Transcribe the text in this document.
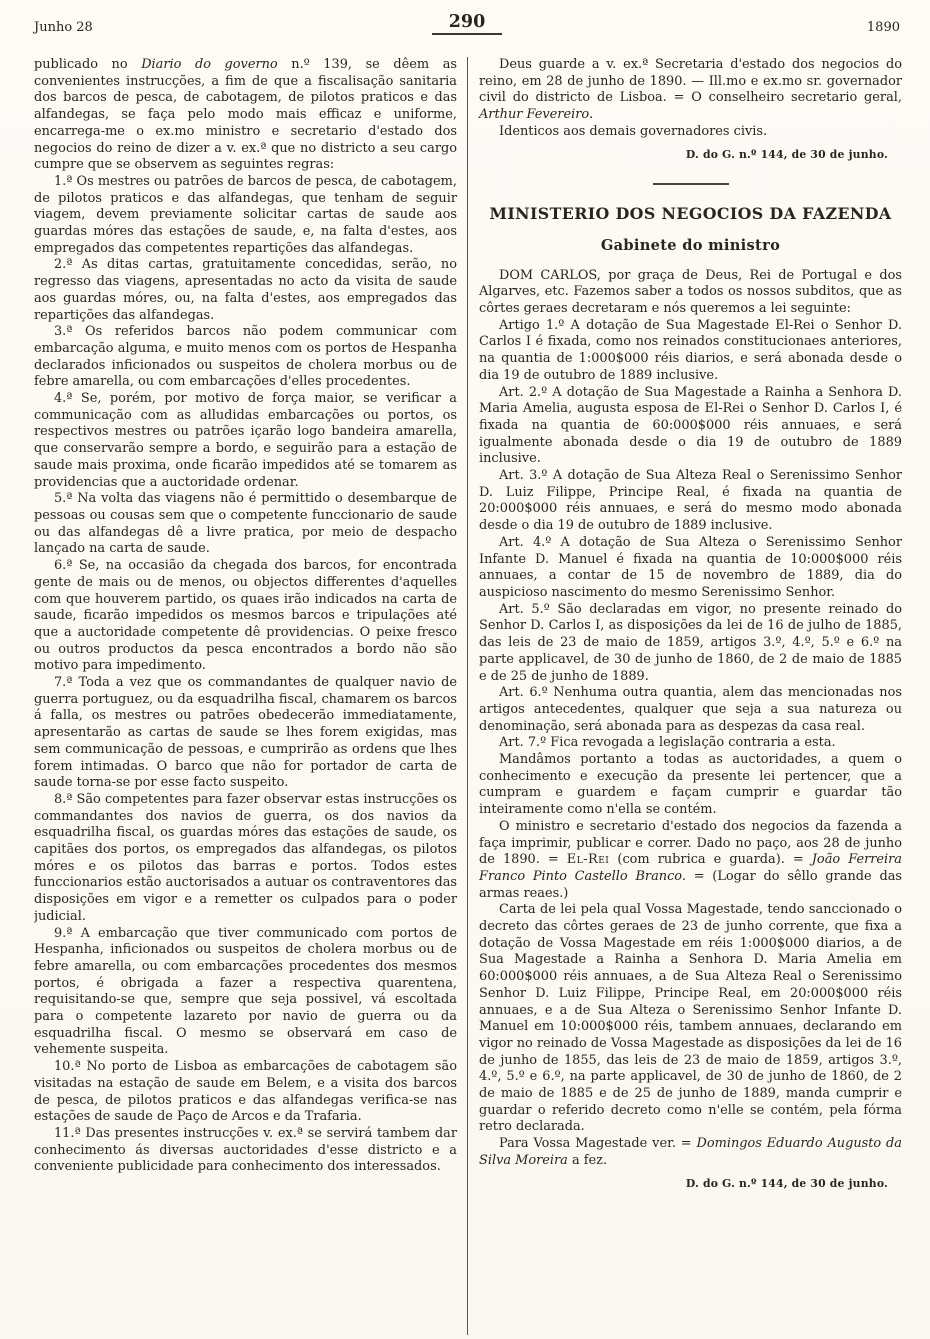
Junho 28	290	1890

publicado no Diario do governo n.º 139, se dêem as convenientes instrucções, a fim de que a fiscalisação sanitaria dos barcos de pesca, de cabotagem, de pilotos praticos e das alfandegas, se faça pelo modo mais efficaz e uniforme, encarrega-me o ex.mo ministro e secretario d'estado dos negocios do reino de dizer a v. ex.ª que no districto a seu cargo cumpre que se observem as seguintes regras:

1.ª Os mestres ou patrões de barcos de pesca, de cabotagem, de pilotos praticos e das alfandegas, que tenham de seguir viagem, devem previamente solicitar cartas de saude aos guardas móres das estações de saude, e, na falta d'estes, aos empregados das competentes repartições das alfandegas.

2.ª As ditas cartas, gratuitamente concedidas, serão, no regresso das viagens, apresentadas no acto da visita de saude aos guardas móres, ou, na falta d'estes, aos empregados das repartições das alfandegas.

3.ª Os referidos barcos não podem communicar com embarcação alguma, e muito menos com os portos de Hespanha declarados inficionados ou suspeitos de cholera morbus ou de febre amarella, ou com embarcações d'elles procedentes.

4.ª Se, porém, por motivo de força maior, se verificar a communicação com as alludidas embarcações ou portos, os respectivos mestres ou patrões içarão logo bandeira amarella, que conservarão sempre a bordo, e seguirão para a estação de saude mais proxima, onde ficarão impedidos até se tomarem as providencias que a auctoridade ordenar.

5.ª Na volta das viagens não é permittido o desembarque de pessoas ou cousas sem que o competente funccionario de saude ou das alfandegas dê a livre pratica, por meio de despacho lançado na carta de saude.

6.ª Se, na occasião da chegada dos barcos, for encontrada gente de mais ou de menos, ou objectos differentes d'aquelles com que houverem partido, os quaes irão indicados na carta de saude, ficarão impedidos os mesmos barcos e tripulações até que a auctoridade competente dê providencias. O peixe fresco ou outros productos da pesca encontrados a bordo não são motivo para impedimento.

7.ª Toda a vez que os commandantes de qualquer navio de guerra portuguez, ou da esquadrilha fiscal, chamarem os barcos á falla, os mestres ou patrões obedecerão immediatamente, apresentarão as cartas de saude se lhes forem exigidas, mas sem communicação de pessoas, e cumprirão as ordens que lhes forem intimadas. O barco que não for portador de carta de saude torna-se por esse facto suspeito.

8.ª São competentes para fazer observar estas instrucções os commandantes dos navios de guerra, os dos navios da esquadrilha fiscal, os guardas móres das estações de saude, os capitães dos portos, os empregados das alfandegas, os pilotos móres e os pilotos das barras e portos. Todos estes funccionarios estão auctorisados a autuar os contraventores das disposições em vigor e a remetter os culpados para o poder judicial.

9.ª A embarcação que tiver communicado com portos de Hespanha, inficionados ou suspeitos de cholera morbus ou de febre amarella, ou com embarcações procedentes dos mesmos portos, é obrigada a fazer a respectiva quarentena, requisitando-se que, sempre que seja possivel, vá escoltada para o competente lazareto por navio de guerra ou da esquadrilha fiscal. O mesmo se observará em caso de vehemente suspeita.

10.ª No porto de Lisboa as embarcações de cabotagem são visitadas na estação de saude em Belem, e a visita dos barcos de pesca, de pilotos praticos e das alfandegas verifica-se nas estações de saude de Paço de Arcos e da Trafaria.

11.ª Das presentes instrucções v. ex.ª se servirá tambem dar conhecimento ás diversas auctoridades d'esse districto e a conveniente publicidade para conhecimento dos interessados.

Deus guarde a v. ex.ª Secretaria d'estado dos negocios do reino, em 28 de junho de 1890. — Ill.mo e ex.mo sr. governador civil do districto de Lisboa. = O conselheiro secretario geral, Arthur Fevereiro.

Identicos aos demais governadores civis.

D. do G. n.º 144, de 30 de junho.
MINISTERIO DOS NEGOCIOS DA FAZENDA
Gabinete do ministro

DOM CARLOS, por graça de Deus, Rei de Portugal e dos Algarves, etc. Fazemos saber a todos os nossos subditos, que as côrtes geraes decretaram e nós queremos a lei seguinte:

Artigo 1.º A dotação de Sua Magestade El-Rei o Senhor D. Carlos I é fixada, como nos reinados constitucionaes anteriores, na quantia de 1:000$000 réis diarios, e será abonada desde o dia 19 de outubro de 1889 inclusive.

Art. 2.º A dotação de Sua Magestade a Rainha a Senhora D. Maria Amelia, augusta esposa de El-Rei o Senhor D. Carlos I, é fixada na quantia de 60:000$000 réis annuaes, e será igualmente abonada desde o dia 19 de outubro de 1889 inclusive.

Art. 3.º A dotação de Sua Alteza Real o Serenissimo Senhor D. Luiz Filippe, Principe Real, é fixada na quantia de 20:000$000 réis annuaes, e será do mesmo modo abonada desde o dia 19 de outubro de 1889 inclusive.

Art. 4.º A dotação de Sua Alteza o Serenissimo Senhor Infante D. Manuel é fixada na quantia de 10:000$000 réis annuaes, a contar de 15 de novembro de 1889, dia do auspicioso nascimento do mesmo Serenissimo Senhor.

Art. 5.º São declaradas em vigor, no presente reinado do Senhor D. Carlos I, as disposições da lei de 16 de julho de 1885, das leis de 23 de maio de 1859, artigos 3.º, 4.º, 5.º e 6.º na parte applicavel, de 30 de junho de 1860, de 2 de maio de 1885 e de 25 de junho de 1889.

Art. 6.º Nenhuma outra quantia, alem das mencionadas nos artigos antecedentes, qualquer que seja a sua natureza ou denominação, será abonada para as despezas da casa real.

Art. 7.º Fica revogada a legislação contraria a esta.

Mandâmos portanto a todas as auctoridades, a quem o conhecimento e execução da presente lei pertencer, que a cumpram e guardem e façam cumprir e guardar tão inteiramente como n'ella se contém.

O ministro e secretario d'estado dos negocios da fazenda a faça imprimir, publicar e correr. Dado no paço, aos 28 de junho de 1890. = El-Rei (com rubrica e guarda). = João Ferreira Franco Pinto Castello Branco. = (Logar do sêllo grande das armas reaes.)

Carta de lei pela qual Vossa Magestade, tendo sanccionado o decreto das côrtes geraes de 23 de junho corrente, que fixa a dotação de Vossa Magestade em réis 1:000$000 diarios, a de Sua Magestade a Rainha a Senhora D. Maria Amelia em 60:000$000 réis annuaes, a de Sua Alteza Real o Serenissimo Senhor D. Luiz Filippe, Principe Real, em 20:000$000 réis annuaes, e a de Sua Alteza o Serenissimo Senhor Infante D. Manuel em 10:000$000 réis, tambem annuaes, declarando em vigor no reinado de Vossa Magestade as disposições da lei de 16 de junho de 1855, das leis de 23 de maio de 1859, artigos 3.º, 4.º, 5.º e 6.º, na parte applicavel, de 30 de junho de 1860, de 2 de maio de 1885 e de 25 de junho de 1889, manda cumprir e guardar o referido decreto como n'elle se contém, pela fórma retro declarada.

Para Vossa Magestade ver. = Domingos Eduardo Augusto da Silva Moreira a fez.

D. do G. n.º 144, de 30 de junho.
